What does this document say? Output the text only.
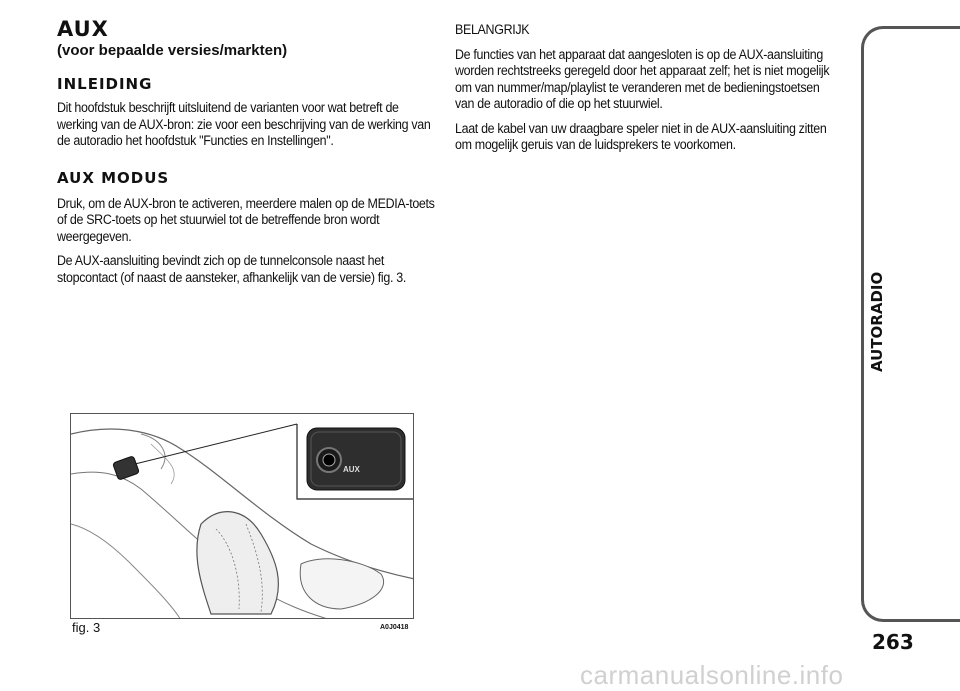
AUX
(voor bepaalde versies/markten)
INLEIDING

Dit hoofdstuk beschrijft uitsluitend de varianten voor wat betreft de werking van de AUX-bron: zie voor een beschrijving van de werking van de autoradio het hoofdstuk "Functies en Instellingen".

AUX MODUS

Druk, om de AUX-bron te activeren, meerdere malen op de MEDIA-toets of de SRC-toets op het stuurwiel tot de betreffende bron wordt weergegeven.

De AUX-aansluiting bevindt zich op de tunnelconsole naast het stopcontact (of naast de aansteker, afhankelijk van de versie) fig. 3.

BELANGRIJK

De functies van het apparaat dat aangesloten is op de AUX-aansluiting worden rechtstreeks geregeld door het apparaat zelf; het is niet mogelijk om van nummer/map/playlist te veranderen met de bedieningstoetsen van de autoradio of die op het stuurwiel.

Laat de kabel van uw draagbare speler niet in de AUX-aansluiting zitten om mogelijk geruis van de luidsprekers te voorkomen.

AUX
fig. 3	A0J0418
AUTORADIO
263
carmanualsonline.info
